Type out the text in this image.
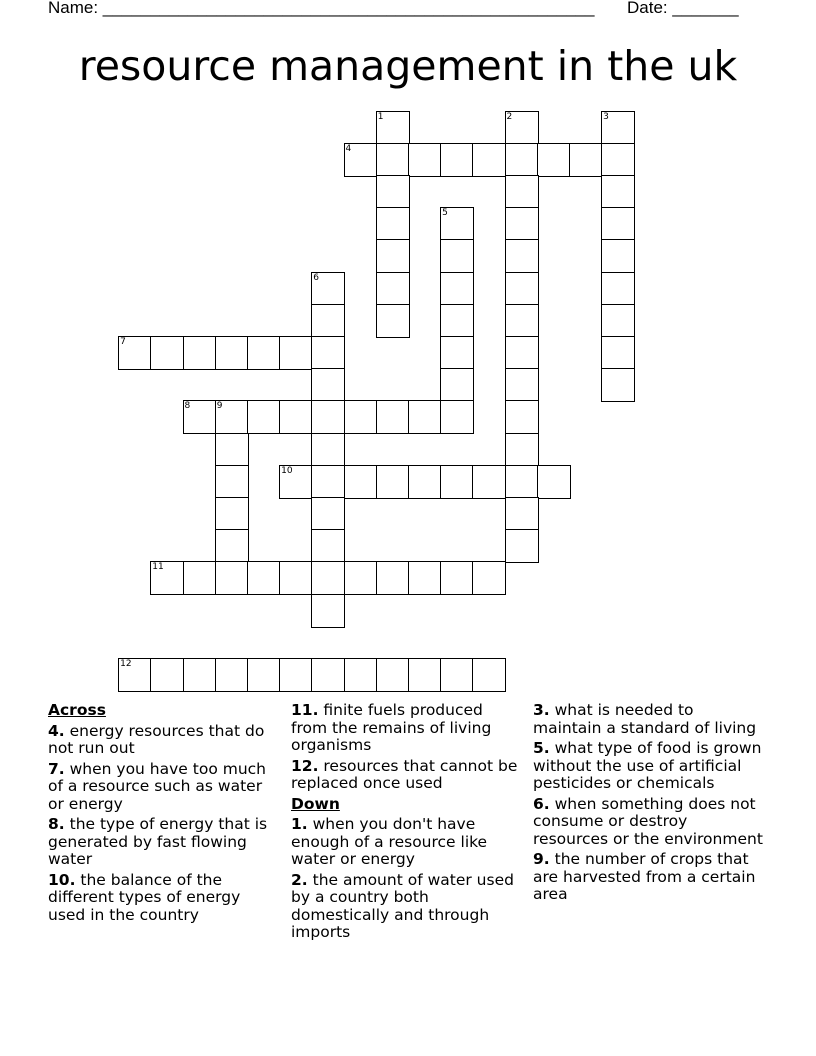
Name: ____________________________________________________ Date: _______
resource management in the uk
1	2	3
4
5
6
7
8	9
10
11
12
Across
4. energy resources that do not run out
7. when you have too much of a resource such as water or energy
8. the type of energy that is generated by fast flowing water
10. the balance of the different types of energy used in the country
11. finite fuels produced from the remains of living organisms
12. resources that cannot be replaced once used
Down
1. when you don't have enough of a resource like water or energy
2. the amount of water used by a country both domestically and through imports
3. what is needed to maintain a standard of living
5. what type of food is grown without the use of artificial pesticides or chemicals
6. when something does not consume or destroy resources or the environment
9. the number of crops that are harvested from a certain area
